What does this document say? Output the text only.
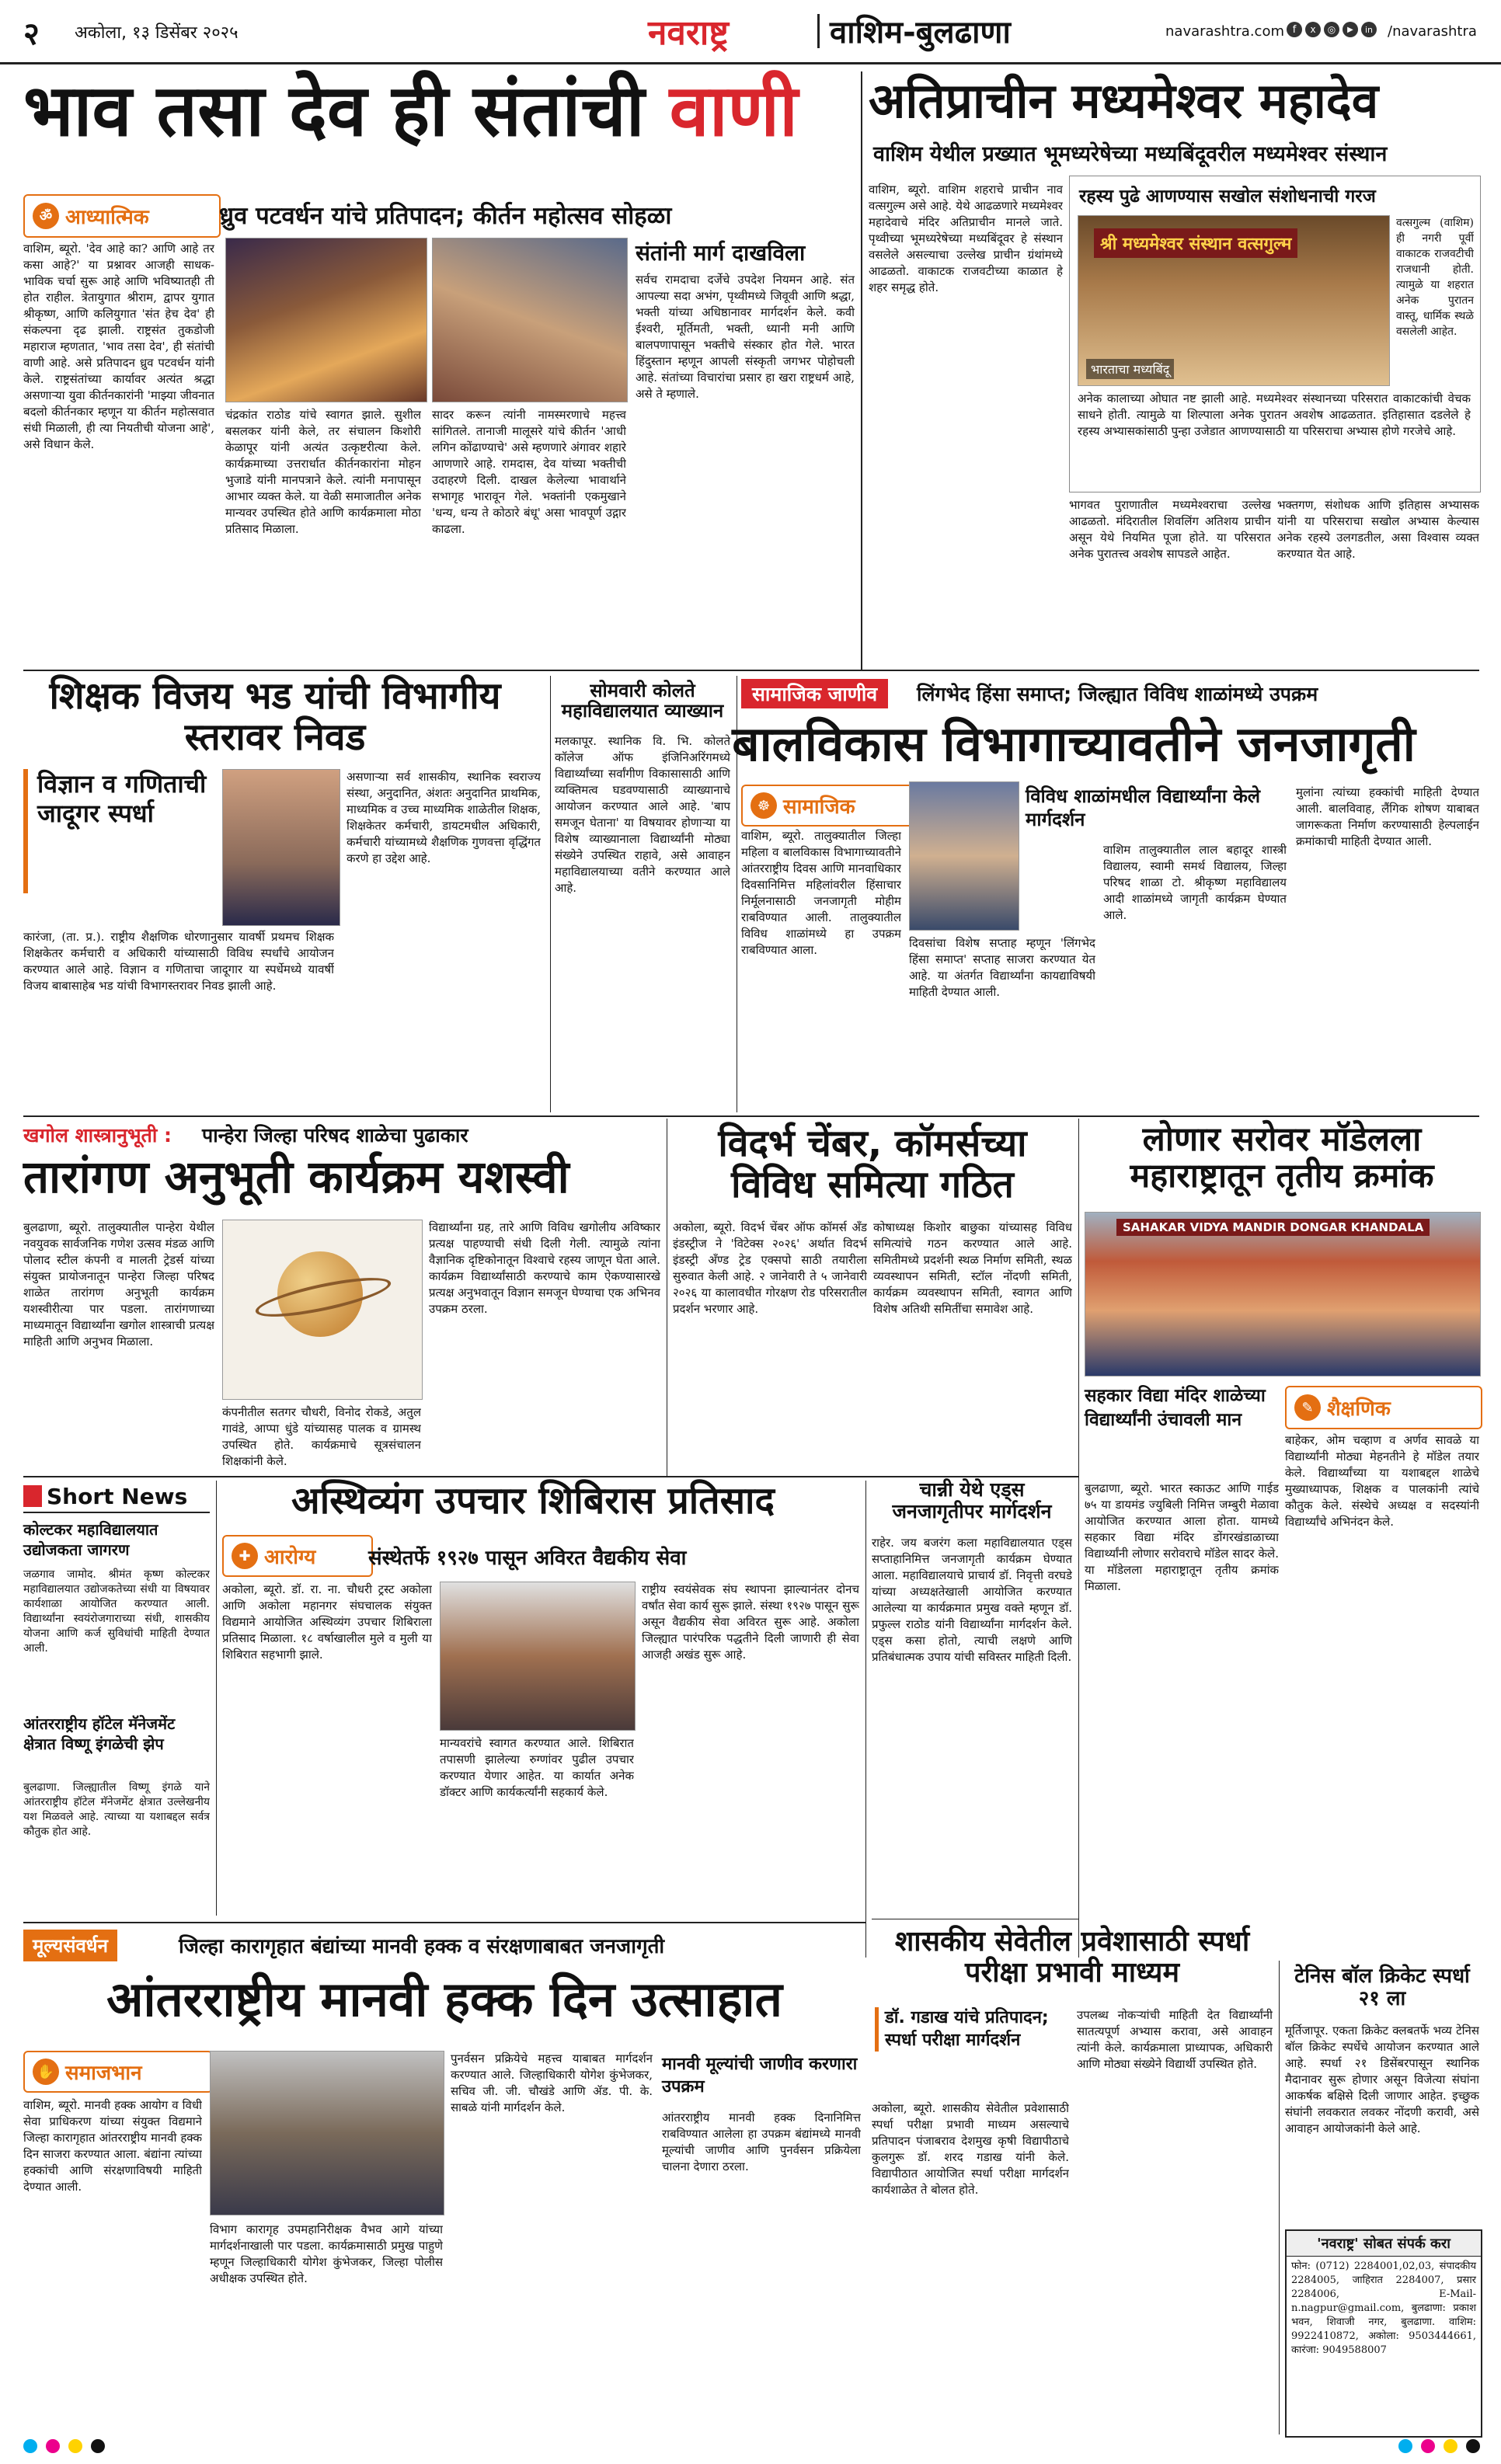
२ अकोला, १३ डिसेंबर २०२५	नवराष्ट्र	वाशिम-बुलढाणा	navarashtra.com f	x	◎	▶	in /navarashtra
भाव तसा देव ही संतांची वाणी
ॐ आध्यात्मिक	ध्रुव पटवर्धन यांचे प्रतिपादन; कीर्तन महोत्सव सोहळा
वाशिम, ब्यूरो. 'देव आहे का? आणि आहे तर कसा आहे?' या प्रश्नावर आजही साधक-भाविक चर्चा सुरू आहे आणि भविष्यातही ती होत राहील. त्रेतायुगात श्रीराम, द्वापर युगात श्रीकृष्ण, आणि कलियुगात 'संत हेच देव' ही संकल्पना दृढ झाली. राष्ट्रसंत तुकडोजी महाराज म्हणतात, 'भाव तसा देव', ही संतांची वाणी आहे. असे प्रतिपादन ध्रुव पटवर्धन यांनी केले. राष्ट्रसंतांच्या कार्यावर अत्यंत श्रद्धा असणाऱ्या युवा कीर्तनकारांनी 'माझ्या जीवनात बदलो कीर्तनकार म्हणून या कीर्तन महोत्सवात संधी मिळाली, ही त्या नियतीची योजना आहे', असे विधान केले.
चंद्रकांत राठोड यांचे स्वागत झाले. सुशील बसलकर यांनी केले, तर संचालन किशोरी केळापूर यांनी अत्यंत उत्कृष्टरीत्या केले. कार्यक्रमाच्या उत्तरार्धात कीर्तनकारांना मोहन भुजाडे यांनी मानपत्राने केले. त्यांनी मनापासून आभार व्यक्त केले. या वेळी समाजातील अनेक मान्यवर उपस्थित होते आणि कार्यक्रमाला मोठा प्रतिसाद मिळाला.
सादर करून त्यांनी नामस्मरणाचे महत्त्व सांगितले. तानाजी मालूसरे यांचे कीर्तन 'आधी लगिन कोंढाण्याचे' असे म्हणणारे अंगावर शहारे आणणारे आहे. रामदास, देव यांच्या भक्तीची उदाहरणे दिली. दाखल केलेल्या भावार्थाने सभागृह भारावून गेले. भक्तांनी एकमुखाने 'धन्य, धन्य ते कोठारे बंधू' असा भावपूर्ण उद्गार काढला.
संतांनी मार्ग दाखविला
सर्वच रामदाचा दर्जेचे उपदेश नियमन आहे. संत आपल्या सदा अभंग, पृथ्वीमध्ये जिवूवी आणि श्रद्धा, भक्ती यांच्या अधिष्ठानावर मार्गदर्शन केले. कवी ईश्वरी, मूर्तिमती, भक्ती, ध्यानी मनी आणि बालपणापासून भक्तीचे संस्कार होत गेले. भारत हिंदुस्तान म्हणून आपली संस्कृती जगभर पोहोचली आहे. संतांच्या विचारांचा प्रसार हा खरा राष्ट्रधर्म आहे, असे ते म्हणाले.
अतिप्राचीन मध्यमेश्वर महादेव
वाशिम येथील प्रख्यात भूमध्यरेषेच्या मध्यबिंदूवरील मध्यमेश्वर संस्थान
वाशिम, ब्यूरो. वाशिम शहराचे प्राचीन नाव वत्सगुल्म असे आहे. येथे आढळणारे मध्यमेश्वर महादेवाचे मंदिर अतिप्राचीन मानले जाते. पृथ्वीच्या भूमध्यरेषेच्या मध्यबिंदूवर हे संस्थान वसलेले असल्याचा उल्लेख प्राचीन ग्रंथांमध्ये आढळतो. वाकाटक राजवटीच्या काळात हे शहर समृद्ध होते.
रहस्य पुढे आणण्यास सखोल संशोधनाची गरज
श्री मध्यमेश्वर संस्थान वत्सगुल्म
भारताचा मध्यबिंदू
वत्सगुल्म (वाशिम) ही नगरी पूर्वी वाकाटक राजवटीची राजधानी होती. त्यामुळे या शहरात अनेक पुरातन वास्तू, धार्मिक स्थळे वसलेली आहेत.
अनेक कालाच्या ओघात नष्ट झाली आहे. मध्यमेश्वर संस्थानच्या परिसरात वाकाटकांची वेचक साधने होती. त्यामुळे या शिल्पाला अनेक पुरातन अवशेष आढळतात. इतिहासात दडलेले हे रहस्य अभ्यासकांसाठी पुन्हा उजेडात आणण्यासाठी या परिसराचा अभ्यास होणे गरजेचे आहे.
भागवत पुराणातील मध्यमेश्वराचा उल्लेख आढळतो. मंदिरातील शिवलिंग अतिशय प्राचीन असून येथे नियमित पूजा होते. या परिसरात अनेक पुरातत्त्व अवशेष सापडले आहेत.
भक्तगण, संशोधक आणि इतिहास अभ्यासक यांनी या परिसराचा सखोल अभ्यास केल्यास अनेक रहस्ये उलगडतील, असा विश्वास व्यक्त करण्यात येत आहे.
शिक्षक विजय भड यांची विभागीय स्तरावर निवड
विज्ञान व गणिताची जादूगर स्पर्धा
कारंजा, (ता. प्र.). राष्ट्रीय शैक्षणिक धोरणानुसार यावर्षी प्रथमच शिक्षक शिक्षकेतर कर्मचारी व अधिकारी यांच्यासाठी विविध स्पर्धांचे आयोजन करण्यात आले आहे. विज्ञान व गणिताचा जादूगार या स्पर्धेमध्ये यावर्षी विजय बाबासाहेब भड यांची विभागस्तरावर निवड झाली आहे.
असणाऱ्या सर्व शासकीय, स्थानिक स्वराज्य संस्था, अनुदानित, अंशतः अनुदानित प्राथमिक, माध्यमिक व उच्च माध्यमिक शाळेतील शिक्षक, शिक्षकेतर कर्मचारी, डायटमधील अधिकारी, कर्मचारी यांच्यामध्ये शैक्षणिक गुणवत्ता वृद्धिंगत करणे हा उद्देश आहे.
सोमवारी कोलते महाविद्यालयात व्याख्यान
मलकापूर. स्थानिक वि. भि. कोलते कॉलेज ऑफ इंजिनिअरिंगमध्ये विद्यार्थ्यांच्या सर्वांगीण विकासासाठी आणि व्यक्तिमत्व घडवण्यासाठी व्याख्यानाचे आयोजन करण्यात आले आहे. 'बाप समजून घेताना' या विषयावर होणाऱ्या या विशेष व्याख्यानाला विद्यार्थ्यांनी मोठ्या संख्येने उपस्थित राहावे, असे आवाहन महाविद्यालयाच्या वतीने करण्यात आले आहे.
सामाजिक जाणीव	लिंगभेद हिंसा समाप्त; जिल्ह्यात विविध शाळांमध्ये उपक्रम
बालविकास विभागाच्यावतीने जनजागृती
☸ सामाजिक	विविध शाळांमधील विद्यार्थ्यांना केले मार्गदर्शन
वाशिम, ब्यूरो. तालुक्यातील जिल्हा महिला व बालविकास विभागाच्यावतीने आंतरराष्ट्रीय दिवस आणि मानवाधिकार दिवसानिमित्त महिलांवरील हिंसाचार निर्मूलनासाठी जनजागृती मोहीम राबविण्यात आली. तालुक्यातील विविध शाळांमध्ये हा उपक्रम राबविण्यात आला.	दिवसांचा विशेष सप्ताह म्हणून 'लिंगभेद हिंसा समाप्त' सप्ताह साजरा करण्यात येत आहे. या अंतर्गत विद्यार्थ्यांना कायद्याविषयी माहिती देण्यात आली.
वाशिम तालुक्यातील लाल बहादूर शास्त्री विद्यालय, स्वामी समर्थ विद्यालय, जिल्हा परिषद शाळा टो. श्रीकृष्ण महाविद्यालय आदी शाळांमध्ये जागृती कार्यक्रम घेण्यात आले.
मुलांना त्यांच्या हक्कांची माहिती देण्यात आली. बालविवाह, लैंगिक शोषण याबाबत जागरूकता निर्माण करण्यासाठी हेल्पलाईन क्रमांकाची माहिती देण्यात आली.
खगोल शास्त्रानुभूती : पान्हेरा जिल्हा परिषद शाळेचा पुढाकार
तारांगण अनुभूती कार्यक्रम यशस्वी
बुलढाणा, ब्यूरो. तालुक्यातील पान्हेरा येथील नवयुवक सार्वजनिक गणेश उत्सव मंडळ आणि पोलाद स्टील कंपनी व मालती ट्रेडर्स यांच्या संयुक्त प्रायोजनातून पान्हेरा जिल्हा परिषद शाळेत तारांगण अनुभूती कार्यक्रम यशस्वीरीत्या पार पडला. तारांगणाच्या माध्यमातून विद्यार्थ्यांना खगोल शास्त्राची प्रत्यक्ष माहिती आणि अनुभव मिळाला.
कंपनीतील सतगर चौधरी, विनोद रोकडे, अतुल गावंडे, आप्पा धुंडे यांच्यासह पालक व ग्रामस्थ उपस्थित होते. कार्यक्रमाचे सूत्रसंचालन शिक्षकांनी केले.
विद्यार्थ्यांना ग्रह, तारे आणि विविध खगोलीय अविष्कार प्रत्यक्ष पाहण्याची संधी दिली गेली. त्यामुळे त्यांना वैज्ञानिक दृष्टिकोनातून विश्वाचे रहस्य जाणून घेता आले. कार्यक्रम विद्यार्थ्यांसाठी करण्याचे काम ऐकण्यासारखे प्रत्यक्ष अनुभवातून विज्ञान समजून घेण्याचा एक अभिनव उपक्रम ठरला.
विदर्भ चेंबर, कॉमर्सच्या विविध समित्या गठित
अकोला, ब्यूरो. विदर्भ चेंबर ऑफ कॉमर्स अँड इंडस्ट्रीज ने 'विटेक्स २०२६' अर्थात विदर्भ इंडस्ट्री अँण्ड ट्रेड एक्सपो साठी तयारीला सुरुवात केली आहे. २ जानेवारी ते ५ जानेवारी २०२६ या कालावधीत गोरक्षण रोड परिसरातील प्रदर्शन भरणार आहे.
कोषाध्यक्ष किशोर बाछुका यांच्यासह विविध समित्यांचे गठन करण्यात आले आहे. समितीमध्ये प्रदर्शनी स्थळ निर्माण समिती, स्थळ व्यवस्थापन समिती, स्टॉल नोंदणी समिती, कार्यक्रम व्यवस्थापन समिती, स्वागत आणि विशेष अतिथी समितींचा समावेश आहे.
लोणार सरोवर मॉडेलला महाराष्ट्रातून तृतीय क्रमांक
SAHAKAR VIDYA MANDIR DONGAR KHANDALA
सहकार विद्या मंदिर शाळेच्या विद्यार्थ्यांनी उंचावली मान
✎ शैक्षणिक
बुलढाणा, ब्यूरो. भारत स्काऊट आणि गाईड ७५ या डायमंड ज्युबिली निमित्त जम्बुरी मेळावा आयोजित करण्यात आला होता. यामध्ये सहकार विद्या मंदिर डोंगरखंडाळाच्या विद्यार्थ्यांनी लोणार सरोवराचे मॉडेल सादर केले. या मॉडेलला महाराष्ट्रातून तृतीय क्रमांक मिळाला.
बाहेकर, ओम चव्हाण व अर्णव सावळे या विद्यार्थ्यांनी मोठ्या मेहनतीने हे मॉडेल तयार केले. विद्यार्थ्यांच्या या यशाबद्दल शाळेचे मुख्याध्यापक, शिक्षक व पालकांनी त्यांचे कौतुक केले. संस्थेचे अध्यक्ष व सदस्यांनी विद्यार्थ्यांचे अभिनंदन केले.
Short News
कोल्टकर महाविद्यालयात उद्योजकता जागरण
जळगाव जामोद. श्रीमंत कृष्ण कोल्टकर महाविद्यालयात उद्योजकतेच्या संधी या विषयावर कार्यशाळा आयोजित करण्यात आली. विद्यार्थ्यांना स्वयंरोजगाराच्या संधी, शासकीय योजना आणि कर्ज सुविधांची माहिती देण्यात आली.
आंतरराष्ट्रीय हॉटेल मॅनेजमेंट क्षेत्रात विष्णू इंगळेची झेप
बुलढाणा. जिल्ह्यातील विष्णू इंगळे याने आंतरराष्ट्रीय हॉटेल मॅनेजमेंट क्षेत्रात उल्लेखनीय यश मिळवले आहे. त्याच्या या यशाबद्दल सर्वत्र कौतुक होत आहे.
अस्थिव्यंग उपचार शिबिरास प्रतिसाद
✚ आरोग्य	संस्थेतर्फे १९२७ पासून अविरत वैद्यकीय सेवा
अकोला, ब्यूरो. डॉ. रा. ना. चौधरी ट्रस्ट अकोला आणि अकोला महानगर संघचालक संयुक्त विद्यमाने आयोजित अस्थिव्यंग उपचार शिबिराला प्रतिसाद मिळाला. १८ वर्षाखालील मुले व मुली या शिबिरात सहभागी झाले.
मान्यवरांचे स्वागत करण्यात आले. शिबिरात तपासणी झालेल्या रुग्णांवर पुढील उपचार करण्यात येणार आहेत. या कार्यात अनेक डॉक्टर आणि कार्यकर्त्यांनी सहकार्य केले.
राष्ट्रीय स्वयंसेवक संघ स्थापना झाल्यानंतर दोनच वर्षांत सेवा कार्य सुरू झाले. संस्था १९२७ पासून सुरू असून वैद्यकीय सेवा अविरत सुरू आहे. अकोला जिल्ह्यात पारंपरिक पद्धतीने दिली जाणारी ही सेवा आजही अखंड सुरू आहे.
चान्नी येथे एड्स जनजागृतीपर मार्गदर्शन
राहेर. जय बजरंग कला महाविद्यालयात एड्स सप्ताहानिमित्त जनजागृती कार्यक्रम घेण्यात आला. महाविद्यालयाचे प्राचार्य डॉ. निवृत्ती वरघडे यांच्या अध्यक्षतेखाली आयोजित करण्यात आलेल्या या कार्यक्रमात प्रमुख वक्ते म्हणून डॉ. प्रफुल्ल राठोड यांनी विद्यार्थ्यांना मार्गदर्शन केले. एड्स कसा होतो, त्याची लक्षणे आणि प्रतिबंधात्मक उपाय यांची सविस्तर माहिती दिली.
शासकीय सेवेतील प्रवेशासाठी स्पर्धा परीक्षा प्रभावी माध्यम
डॉ. गडाख यांचे प्रतिपादन; स्पर्धा परीक्षा मार्गदर्शन
अकोला, ब्यूरो. शासकीय सेवेतील प्रवेशासाठी स्पर्धा परीक्षा प्रभावी माध्यम असल्याचे प्रतिपादन पंजाबराव देशमुख कृषी विद्यापीठाचे कुलगुरू डॉ. शरद गडाख यांनी केले. विद्यापीठात आयोजित स्पर्धा परीक्षा मार्गदर्शन कार्यशाळेत ते बोलत होते.
उपलब्ध नोकऱ्यांची माहिती देत विद्यार्थ्यांनी सातत्यपूर्ण अभ्यास करावा, असे आवाहन त्यांनी केले. कार्यक्रमाला प्राध्यापक, अधिकारी आणि मोठ्या संख्येने विद्यार्थी उपस्थित होते.
टेनिस बॉल क्रिकेट स्पर्धा २१ ला
मूर्तिजापूर. एकता क्रिकेट क्लबतर्फे भव्य टेनिस बॉल क्रिकेट स्पर्धेचे आयोजन करण्यात आले आहे. स्पर्धा २१ डिसेंबरपासून स्थानिक मैदानावर सुरू होणार असून विजेत्या संघांना आकर्षक बक्षिसे दिली जाणार आहेत. इच्छुक संघांनी लवकरात लवकर नोंदणी करावी, असे आवाहन आयोजकांनी केले आहे.
'नवराष्ट्र' सोबत संपर्क करा
फोन: (0712) 2284001,02,03, संपादकीय 2284005, जाहिरात 2284007, प्रसार 2284006, E-Mail-n.nagpur@gmail.com, बुलढाणा: प्रकाश भवन, शिवाजी नगर, बुलढाणा. वाशिम: 9922410872, अकोला: 9503444661, कारंजा: 9049588007
मूल्यसंवर्धन	जिल्हा कारागृहात बंद्यांच्या मानवी हक्क व संरक्षणाबाबत जनजागृती
आंतरराष्ट्रीय मानवी हक्क दिन उत्साहात
✋ समाजभान
वाशिम, ब्यूरो. मानवी हक्क आयोग व विधी सेवा प्राधिकरण यांच्या संयुक्त विद्यमाने जिल्हा कारागृहात आंतरराष्ट्रीय मानवी हक्क दिन साजरा करण्यात आला. बंद्यांना त्यांच्या हक्कांची आणि संरक्षणाविषयी माहिती देण्यात आली.
विभाग कारागृह उपमहानिरीक्षक वैभव आगे यांच्या मार्गदर्शनाखाली पार पडला. कार्यक्रमासाठी प्रमुख पाहुणे म्हणून जिल्हाधिकारी योगेश कुंभेजकर, जिल्हा पोलीस अधीक्षक उपस्थित होते.
पुनर्वसन प्रक्रियेचे महत्त्व याबाबत मार्गदर्शन करण्यात आले. जिल्हाधिकारी योगेश कुंभेजकर, सचिव जी. जी. चौखंडे आणि ॲड. पी. के. साबळे यांनी मार्गदर्शन केले.
मानवी मूल्यांची जाणीव करणारा उपक्रम
आंतरराष्ट्रीय मानवी हक्क दिनानिमित्त राबविण्यात आलेला हा उपक्रम बंद्यांमध्ये मानवी मूल्यांची जाणीव आणि पुनर्वसन प्रक्रियेला चालना देणारा ठरला.
